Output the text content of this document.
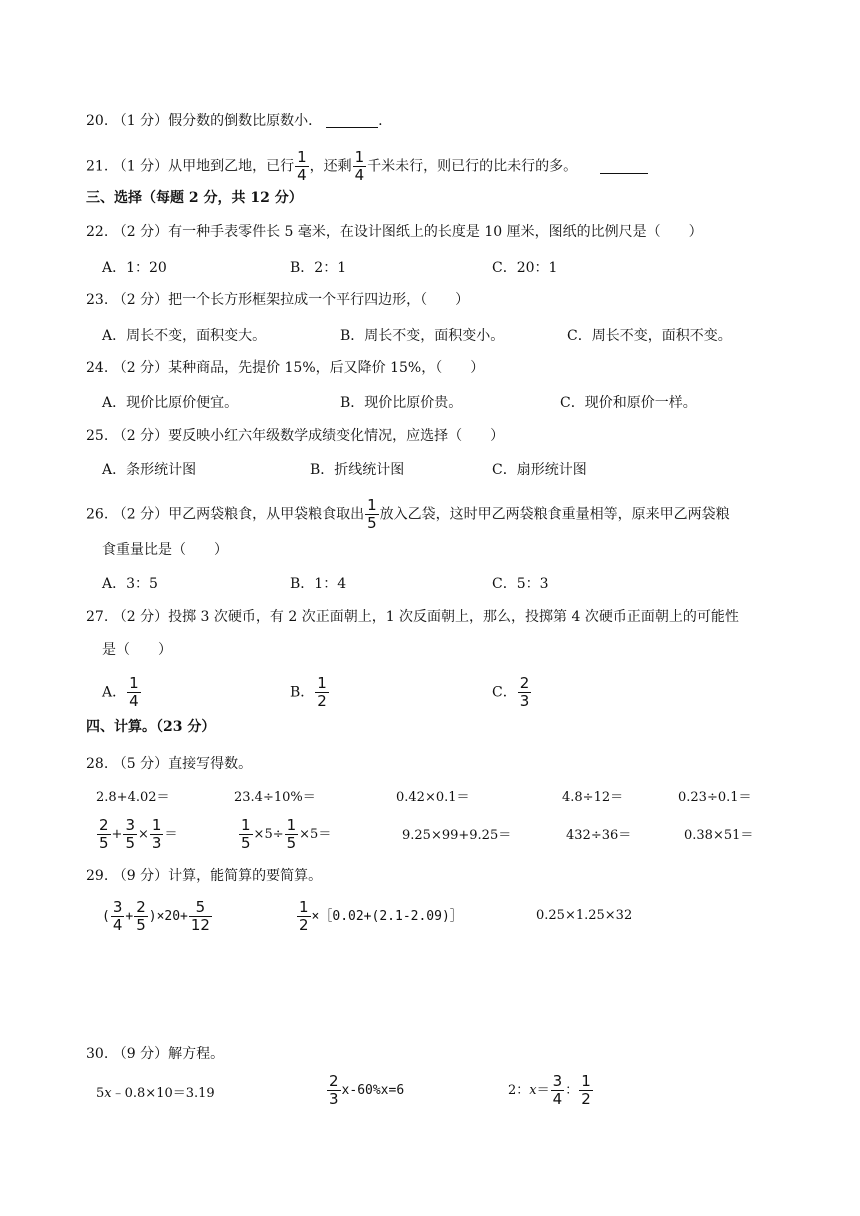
20. （1 分）假分数的倒数比原数小．	.
21. （1 分）从甲地到乙地，已行 $\frac{1}{4}$ ，还剩 $\frac{1}{4}$ 千米未行，则已行的比未行的多。
三、选择（每题 2 分，共 12 分）
22. （2 分）有一种手表零件长 5 毫米，在设计图纸上的长度是 10 厘米，图纸的比例尺是（　　）
A．1：20	B．2：1	C．20：1
23. （2 分）把一个长方形框架拉成一个平行四边形，（　　）
A．周长不变，面积变大。	B．周长不变，面积变小。	C．周长不变，面积不变。
24. （2 分）某种商品，先提价 15%，后又降价 15%，（　　）
A．现价比原价便宜。	B．现价比原价贵。	C．现价和原价一样。
25. （2 分）要反映小红六年级数学成绩变化情况，应选择（　　）
A．条形统计图	B．折线统计图	C．扇形统计图
26. （2 分）甲乙两袋粮食，从甲袋粮食取出 $\frac{1}{5}$ 放入乙袋，这时甲乙两袋粮食重量相等，原来甲乙两袋粮
食重量比是（　　）
A．3：5	B．1：4	C．5：3
27. （2 分）投掷 3 次硬币，有 2 次正面朝上，1 次反面朝上，那么，投掷第 4 次硬币正面朝上的可能性
是（　　）
A． $\frac{1}{4}$	B． $\frac{1}{2}$	C． $\frac{2}{3}$
四、计算。（23 分）
28. （5 分）直接写得数。
2.8+4.02＝	23.4÷10%＝	0.42×0.1＝	4.8÷12＝	0.23÷0.1＝
$\frac{2}{5} + \frac{3}{5} \times \frac{1}{3}$ ＝	$\frac{1}{5} \times 5\div \frac{1}{5} \times 5=$	9.25×99+9.25＝	432÷36＝	0.38×51＝
29. （9 分）计算，能简算的要简算。
( $\frac{3}{4} + \frac{2}{5} )\times 20+ \frac{5}{12}$	$\frac{1}{2}$ ×［0.02+(2.1-2.09)］	0.25×1.25×32
30. （9 分）解方程。
5x﹣0.8×10＝3.19	$\frac{2}{3} x-60\%x=6$	2：$x= \frac{3}{4}$ ： $\frac{1}{2}$
